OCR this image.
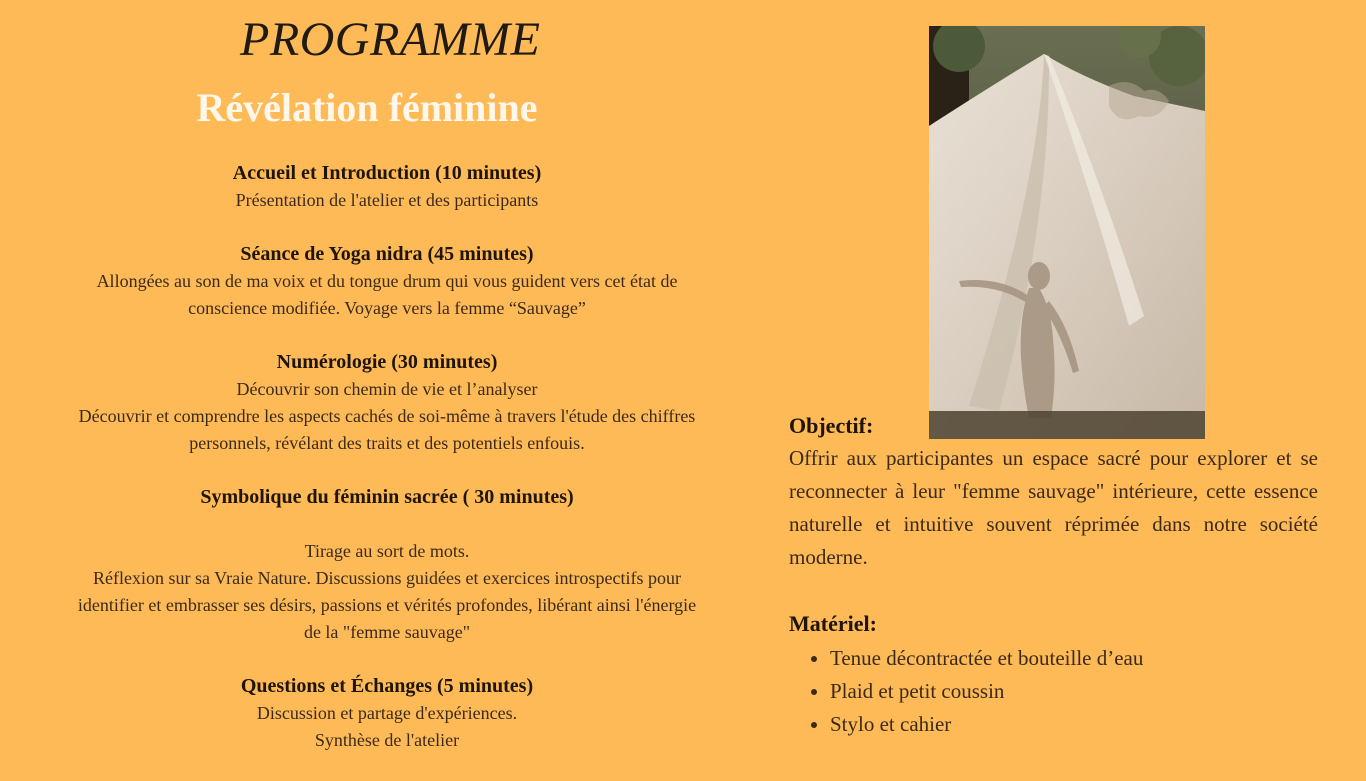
PROGRAMME
Révélation féminine

Accueil et Introduction (10 minutes)

Présentation de l'atelier et des participants

Séance de Yoga nidra (45 minutes)

Allongées au son de ma voix et du tongue drum qui vous guident vers cet état de

conscience modifiée. Voyage vers la femme “Sauvage”

Numérologie (30 minutes)

Découvrir son chemin de vie et l’analyser

Découvrir et comprendre les aspects cachés de soi-même à travers l'étude des chiffres

personnels, révélant des traits et des potentiels enfouis.

Symbolique du féminin sacrée ( 30 minutes)

Tirage au sort de mots.

Réflexion sur sa Vraie Nature. Discussions guidées et exercices introspectifs pour

identifier et embrasser ses désirs, passions et vérités profondes, libérant ainsi l'énergie

de la "femme sauvage"

Questions et Échanges (5 minutes)

Discussion et partage d'expériences.

Synthèse de l'atelier

Objectif:

Offrir aux participantes un espace sacré pour explorer et se reconnecter à leur "femme sauvage" intérieure, cette essence naturelle et intuitive souvent réprimée dans notre société moderne.

Matériel:

• Tenue décontractée et bouteille d’eau
• Plaid et petit coussin
• Stylo et cahier
